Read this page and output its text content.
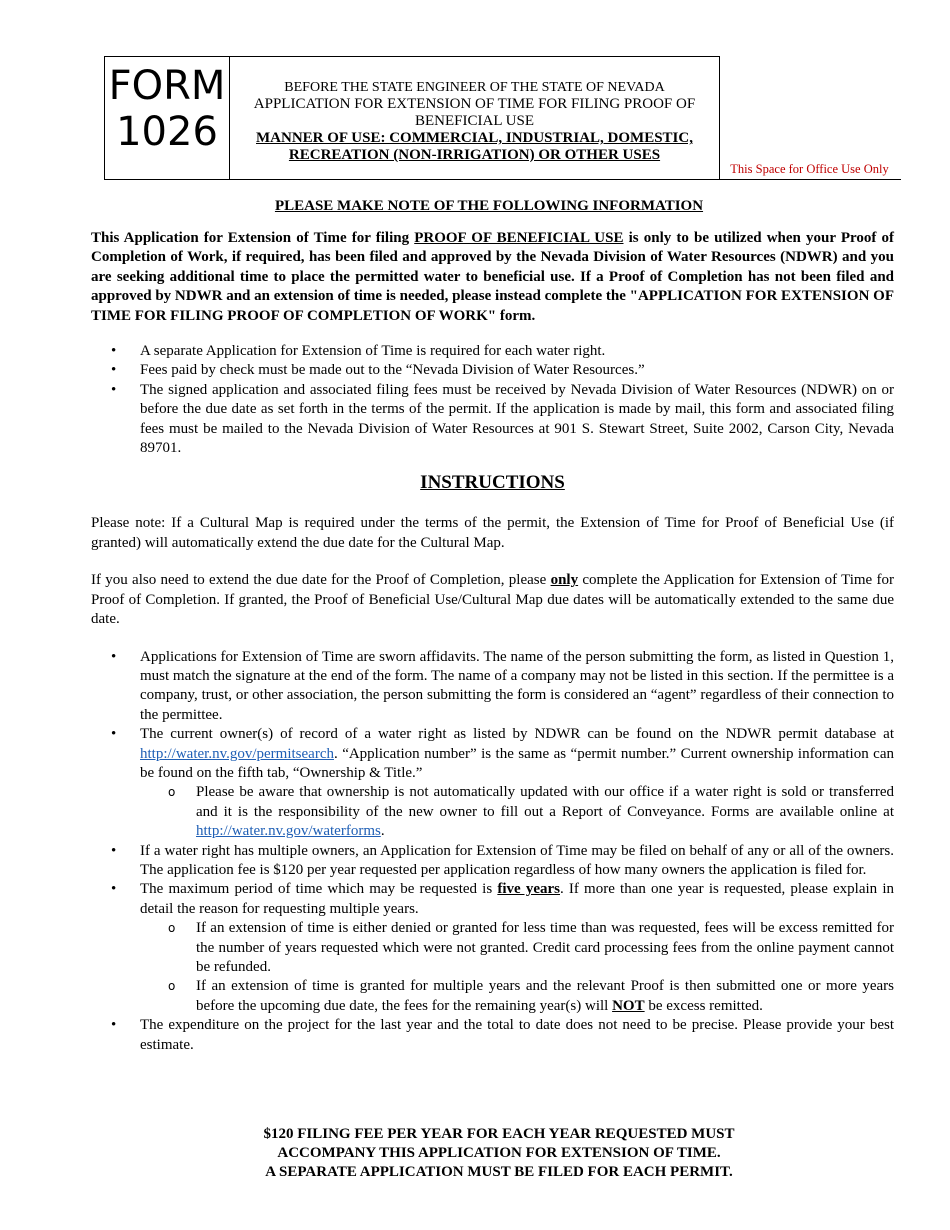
FORM
1026
BEFORE THE STATE ENGINEER OF THE STATE OF NEVADA
APPLICATION FOR EXTENSION OF TIME FOR FILING PROOF OF BENEFICIAL USE
MANNER OF USE: COMMERCIAL, INDUSTRIAL, DOMESTIC, RECREATION (NON-IRRIGATION) OR OTHER USES
This Space for Office Use Only
PLEASE MAKE NOTE OF THE FOLLOWING INFORMATION

This Application for Extension of Time for filing PROOF OF BENEFICIAL USE is only to be utilized when your Proof of Completion of Work, if required, has been filed and approved by the Nevada Division of Water Resources (NDWR) and you are seeking additional time to place the permitted water to beneficial use. If a Proof of Completion has not been filed and approved by NDWR and an extension of time is needed, please instead complete the "APPLICATION FOR EXTENSION OF TIME FOR FILING PROOF OF COMPLETION OF WORK" form.

• A separate Application for Extension of Time is required for each water right.
• Fees paid by check must be made out to the “Nevada Division of Water Resources.”
• The signed application and associated filing fees must be received by Nevada Division of Water Resources (NDWR) on or before the due date as set forth in the terms of the permit. If the application is made by mail, this form and associated filing fees must be mailed to the Nevada Division of Water Resources at 901 S. Stewart Street, Suite 2002, Carson City, Nevada 89701.
INSTRUCTIONS

Please note: If a Cultural Map is required under the terms of the permit, the Extension of Time for Proof of Beneficial Use (if granted) will automatically extend the due date for the Cultural Map.

If you also need to extend the due date for the Proof of Completion, please only complete the Application for Extension of Time for Proof of Completion. If granted, the Proof of Beneficial Use/Cultural Map due dates will be automatically extended to the same due date.

• Applications for Extension of Time are sworn affidavits. The name of the person submitting the form, as listed in Question 1, must match the signature at the end of the form. The name of a company may not be listed in this section. If the permittee is a company, trust, or other association, the person submitting the form is considered an “agent” regardless of their connection to the permittee.
• The current owner(s) of record of a water right as listed by NDWR can be found on the NDWR permit database at http://water.nv.gov/permitsearch. “Application number” is the same as “permit number.” Current ownership information can be found on the fifth tab, “Ownership & Title.”
o Please be aware that ownership is not automatically updated with our office if a water right is sold or transferred and it is the responsibility of the new owner to fill out a Report of Conveyance. Forms are available online at http://water.nv.gov/waterforms.
• If a water right has multiple owners, an Application for Extension of Time may be filed on behalf of any or all of the owners. The application fee is $120 per year requested per application regardless of how many owners the application is filed for.
• The maximum period of time which may be requested is five years. If more than one year is requested, please explain in detail the reason for requesting multiple years.
o If an extension of time is either denied or granted for less time than was requested, fees will be excess remitted for the number of years requested which were not granted. Credit card processing fees from the online payment cannot be refunded.
o If an extension of time is granted for multiple years and the relevant Proof is then submitted one or more years before the upcoming due date, the fees for the remaining year(s) will NOT be excess remitted.
• The expenditure on the project for the last year and the total to date does not need to be precise. Please provide your best estimate.
$120 FILING FEE PER YEAR FOR EACH YEAR REQUESTED MUST
ACCOMPANY THIS APPLICATION FOR EXTENSION OF TIME.
A SEPARATE APPLICATION MUST BE FILED FOR EACH PERMIT.
